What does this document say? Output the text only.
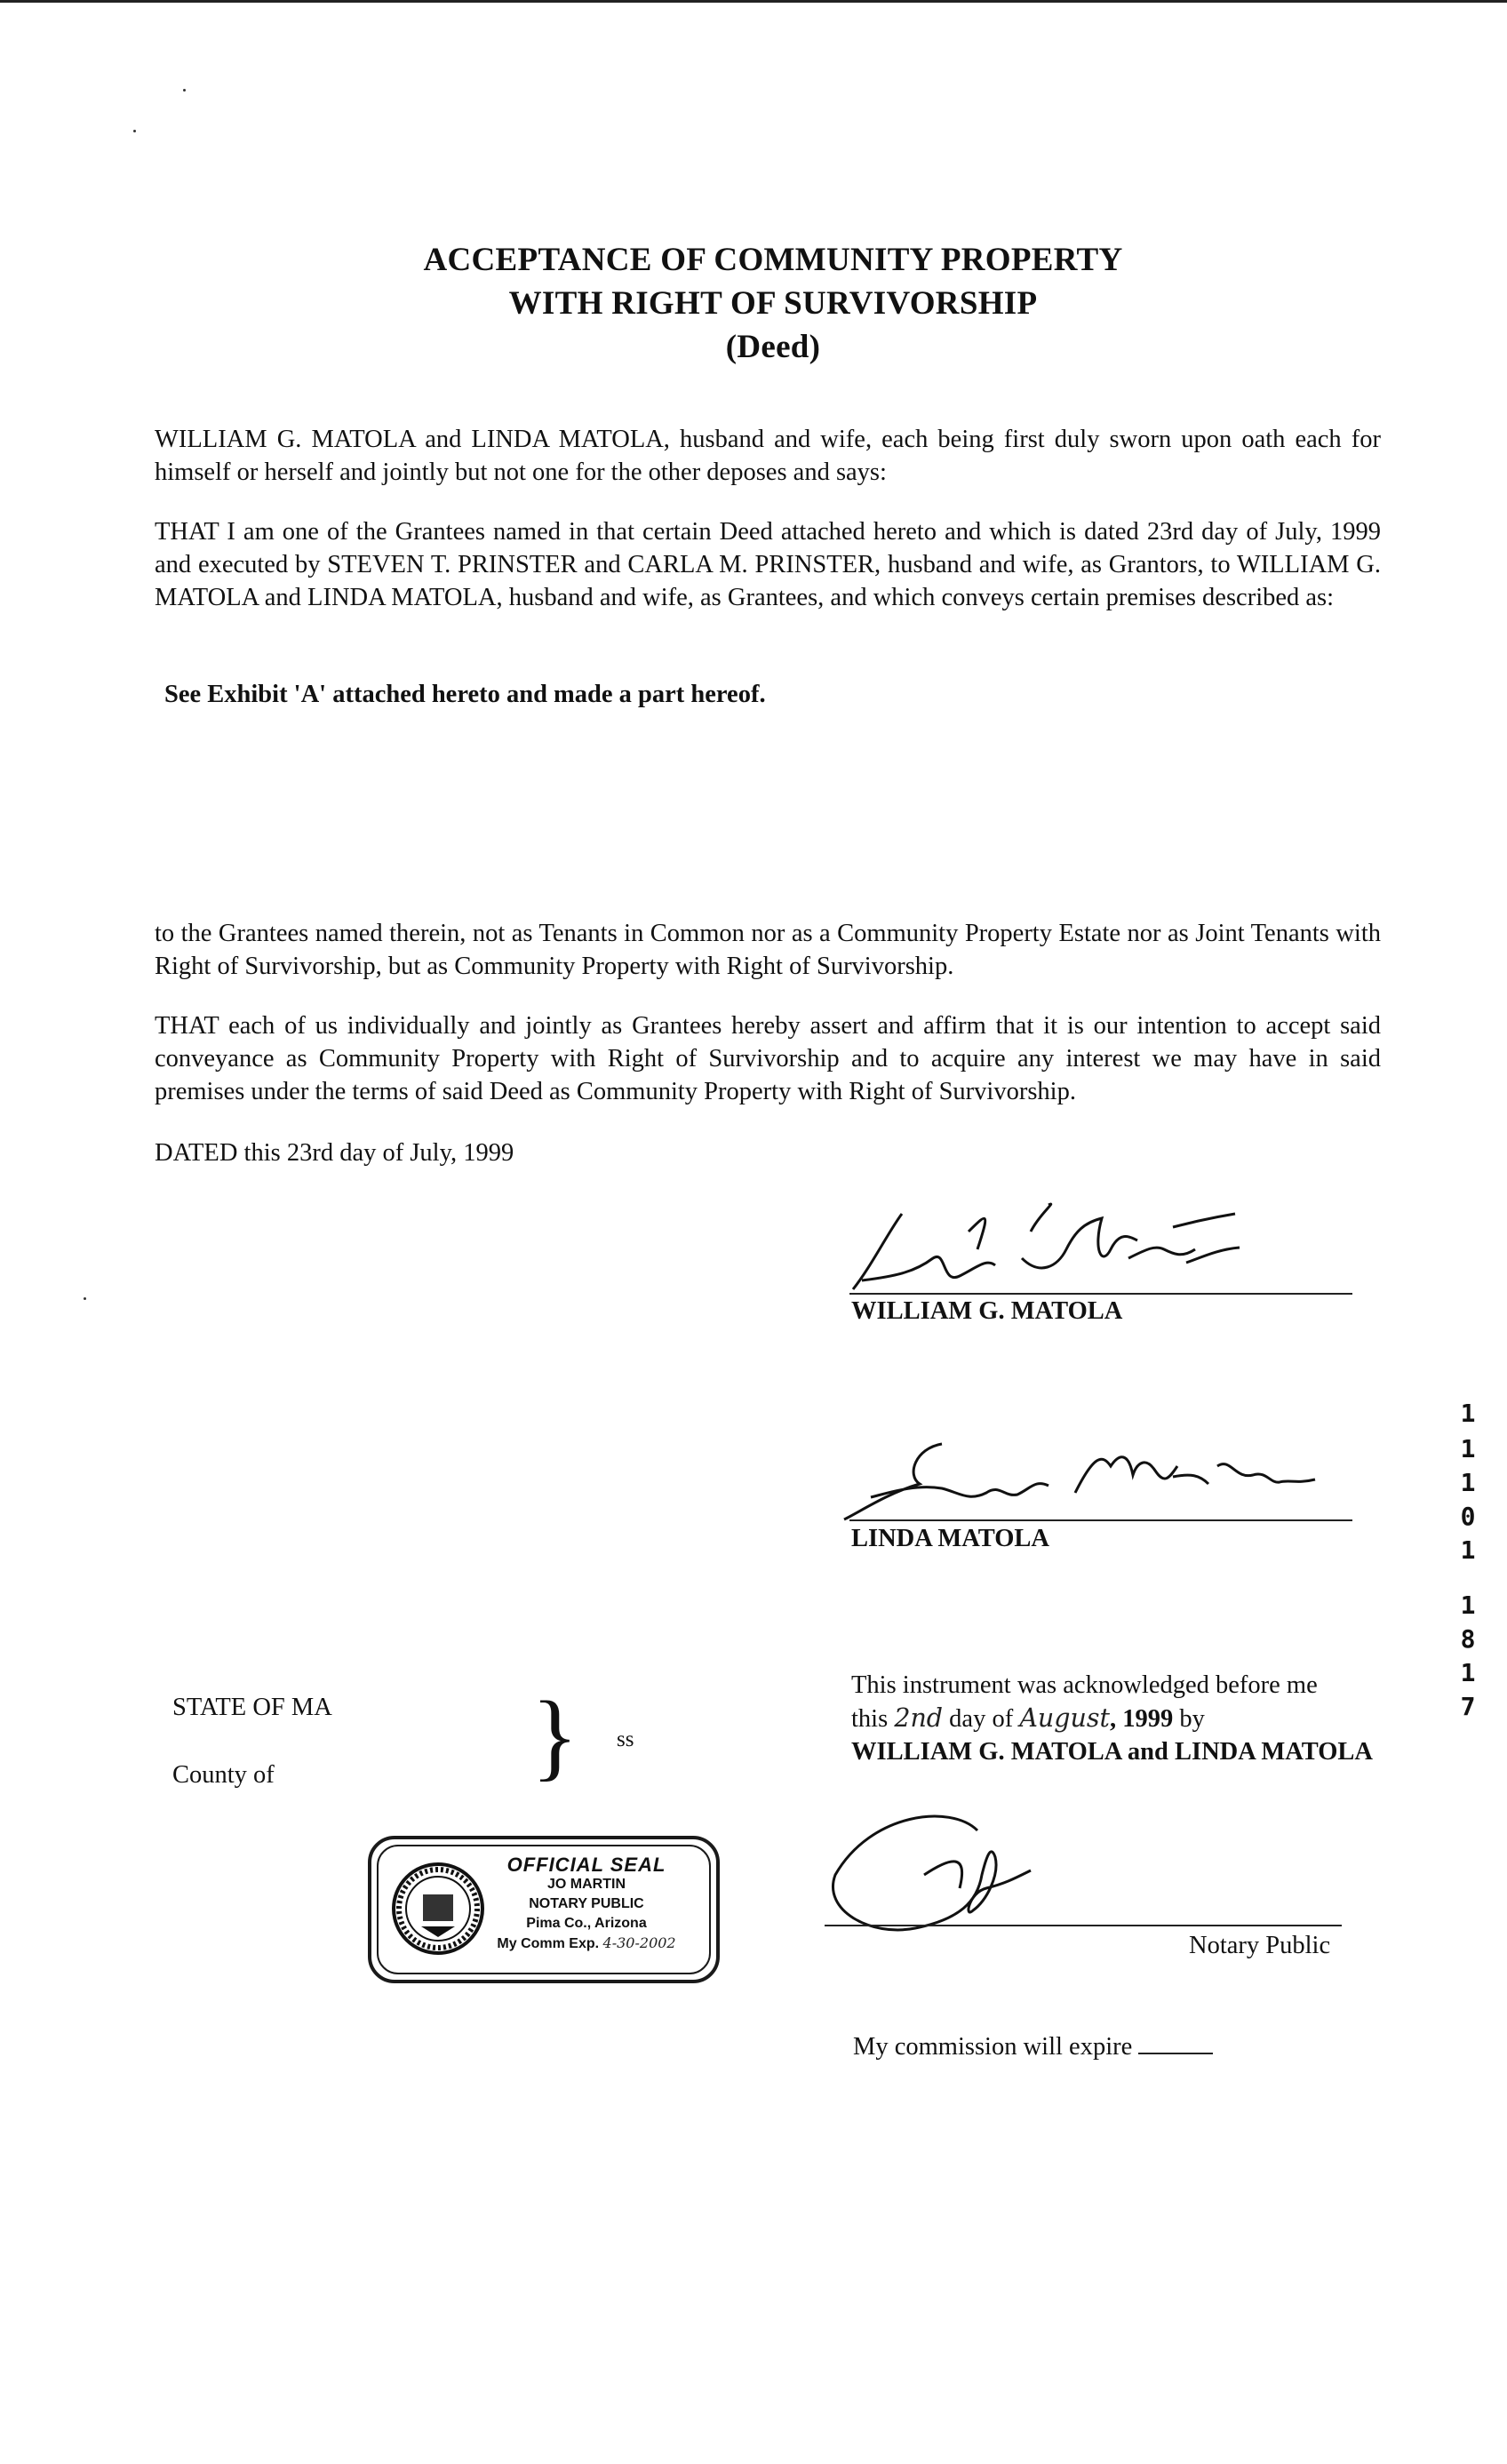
ACCEPTANCE OF COMMUNITY PROPERTY
WITH RIGHT OF SURVIVORSHIP
(Deed)
WILLIAM G. MATOLA and LINDA MATOLA, husband and wife, each being first duly sworn upon oath each for himself or herself and jointly but not one for the other deposes and says:
THAT I am one of the Grantees named in that certain Deed attached hereto and which is dated 23rd day of July, 1999 and executed by STEVEN T. PRINSTER and CARLA M. PRINSTER, husband and wife, as Grantors, to WILLIAM G. MATOLA and LINDA MATOLA, husband and wife, as Grantees, and which conveys certain premises described as:
See Exhibit 'A' attached hereto and made a part hereof.
to the Grantees named therein, not as Tenants in Common nor as a Community Property Estate nor as Joint Tenants with Right of Survivorship, but as Community Property with Right of Survivorship.
THAT each of us individually and jointly as Grantees hereby assert and affirm that it is our intention to accept said conveyance as Community Property with Right of Survivorship and to acquire any interest we may have in said premises under the terms of said Deed as Community Property with Right of Survivorship.
DATED this 23rd day of July, 1999
WILLIAM G. MATOLA
LINDA MATOLA
STATE OF MA
County of	} ss
This instrument was acknowledged before me
this 2nd day of August, 1999 by
WILLIAM G. MATOLA and LINDA MATOLA
Notary Public
My commission will expire
OFFICIAL SEAL
JO MARTIN
NOTARY PUBLIC
Pima Co., Arizona
My Comm Exp. 4-30-2002
1
1
1
0
1
1
8
1
7
